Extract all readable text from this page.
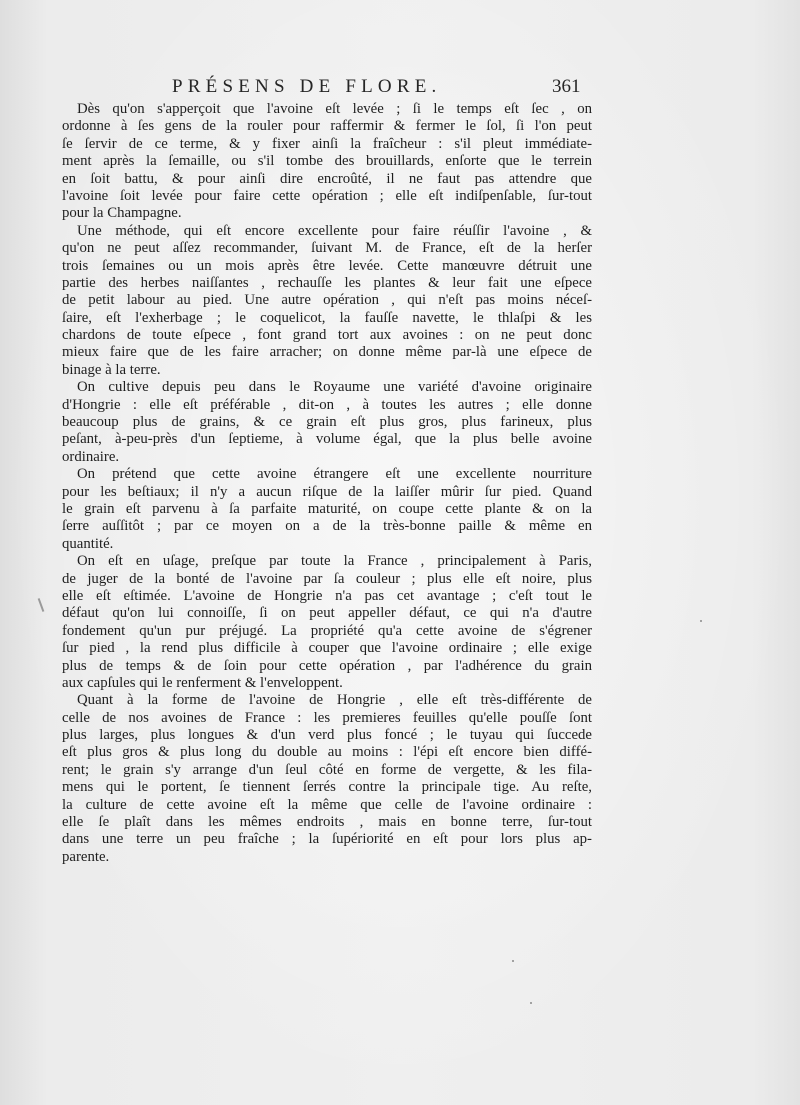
PRÉSENS DE FLORE.	361
Dès qu'on s'apperçoit que l'avoine eſt levée ; ſi le temps eſt ſec , on
ordonne à ſes gens de la rouler pour raffermir & fermer le ſol, ſi l'on peut
ſe ſervir de ce terme, & y fixer ainſi la fraîcheur : s'il pleut immédiate-
ment après la ſemaille, ou s'il tombe des brouillards, enſorte que le terrein
en ſoit battu, & pour ainſi dire encroûté, il ne faut pas attendre que
l'avoine ſoit levée pour faire cette opération ; elle eſt indiſpenſable, ſur-tout
pour la Champagne.
Une méthode, qui eſt encore excellente pour faire réuſſir l'avoine , &
qu'on ne peut aſſez recommander, ſuivant M. de France, eſt de la herſer
trois ſemaines ou un mois après être levée. Cette manœuvre détruit une
partie des herbes naiſſantes , rechauſſe les plantes & leur fait une eſpece
de petit labour au pied. Une autre opération , qui n'eſt pas moins néceſ-
ſaire, eſt l'exherbage ; le coquelicot, la fauſſe navette, le thlaſpi & les
chardons de toute eſpece , font grand tort aux avoines : on ne peut donc
mieux faire que de les faire arracher; on donne même par-là une eſpece de
binage à la terre.
On cultive depuis peu dans le Royaume une variété d'avoine originaire
d'Hongrie : elle eſt préférable , dit-on , à toutes les autres ; elle donne
beaucoup plus de grains, & ce grain eſt plus gros, plus farineux, plus
peſant, à-peu-près d'un ſeptieme, à volume égal, que la plus belle avoine
ordinaire.
On prétend que cette avoine étrangere eſt une excellente nourriture
pour les beſtiaux; il n'y a aucun riſque de la laiſſer mûrir ſur pied. Quand
le grain eſt parvenu à ſa parfaite maturité, on coupe cette plante & on la
ſerre auſſitôt ; par ce moyen on a de la très-bonne paille & même en
quantité.
On eſt en uſage, preſque par toute la France , principalement à Paris,
de juger de la bonté de l'avoine par ſa couleur ; plus elle eſt noire, plus
elle eſt eſtimée. L'avoine de Hongrie n'a pas cet avantage ; c'eſt tout le
défaut qu'on lui connoiſſe, ſi on peut appeller défaut, ce qui n'a d'autre
fondement qu'un pur préjugé. La propriété qu'a cette avoine de s'égrener
ſur pied , la rend plus difficile à couper que l'avoine ordinaire ; elle exige
plus de temps & de ſoin pour cette opération , par l'adhérence du grain
aux capſules qui le renferment & l'enveloppent.
Quant à la forme de l'avoine de Hongrie , elle eſt très-différente de
celle de nos avoines de France : les premieres feuilles qu'elle pouſſe ſont
plus larges, plus longues & d'un verd plus foncé ; le tuyau qui ſuccede
eſt plus gros & plus long du double au moins : l'épi eſt encore bien diffé-
rent; le grain s'y arrange d'un ſeul côté en forme de vergette, & les fila-
mens qui le portent, ſe tiennent ſerrés contre la principale tige. Au reſte,
la culture de cette avoine eſt la même que celle de l'avoine ordinaire :
elle ſe plaît dans les mêmes endroits , mais en bonne terre, ſur-tout
dans une terre un peu fraîche ; la ſupériorité en eſt pour lors plus ap-
parente.
